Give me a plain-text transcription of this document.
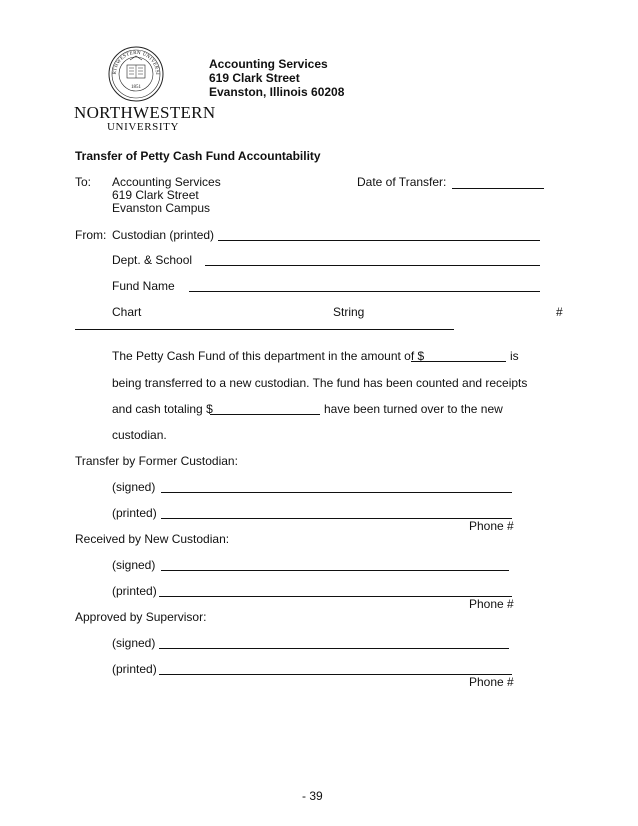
RTHWESTERN UNIVERSI
1851
Accounting Services
619 Clark Street
Evanston, Illinois 60208
NORTHWESTERN
UNIVERSITY
Transfer of Petty Cash Fund Accountability
To: Accounting Services
619 Clark Street
Evanston Campus
Date of Transfer:
From: Custodian (printed)
Dept. & School
Fund Name
Chart	String	#
The Petty Cash Fund of this department in the amount of $	is
being transferred to a new custodian. The fund has been counted and receipts
and cash totaling $	have been turned over to the new
custodian.
Transfer by Former Custodian:
(signed)
(printed)
Phone #
Received by New Custodian:
(signed)
(printed)
Phone #
Approved by Supervisor:
(signed)
(printed)
Phone #
- 39
